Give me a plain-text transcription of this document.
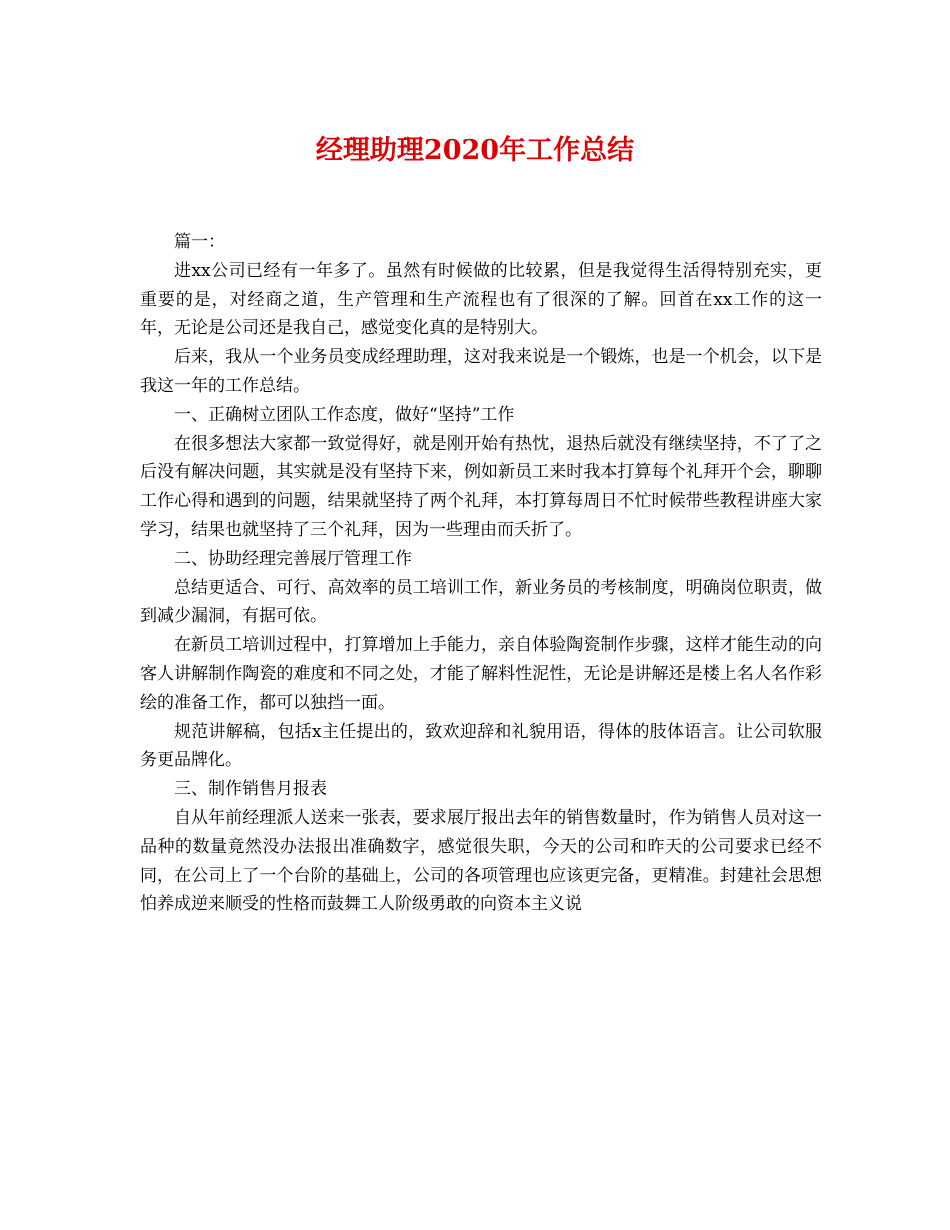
经理助理2020年工作总结

篇一：

进xx公司已经有一年多了。虽然有时候做的比较累，但是我觉得生活得特别充实，更重要的是，对经商之道，生产管理和生产流程也有了很深的了解。回首在xx工作的这一年，无论是公司还是我自己，感觉变化真的是特别大。

后来，我从一个业务员变成经理助理，这对我来说是一个锻炼，也是一个机会，以下是我这一年的工作总结。

一、正确树立团队工作态度，做好“坚持”工作

在很多想法大家都一致觉得好，就是刚开始有热忱，退热后就没有继续坚持，不了了之后没有解决问题，其实就是没有坚持下来，例如新员工来时我本打算每个礼拜开个会，聊聊工作心得和遇到的问题，结果就坚持了两个礼拜，本打算每周日不忙时候带些教程讲座大家学习，结果也就坚持了三个礼拜，因为一些理由而夭折了。

二、协助经理完善展厅管理工作

总结更适合、可行、高效率的员工培训工作，新业务员的考核制度，明确岗位职责，做到减少漏洞，有据可依。

在新员工培训过程中，打算增加上手能力，亲自体验陶瓷制作步骤，这样才能生动的向客人讲解制作陶瓷的难度和不同之处，才能了解料性泥性，无论是讲解还是楼上名人名作彩绘的准备工作，都可以独挡一面。

规范讲解稿，包括x主任提出的，致欢迎辞和礼貌用语，得体的肢体语言。让公司软服务更品牌化。

三、制作销售月报表

自从年前经理派人送来一张表，要求展厅报出去年的销售数量时，作为销售人员对这一品种的数量竟然没办法报出准确数字，感觉很失职，今天的公司和昨天的公司要求已经不同，在公司上了一个台阶的基础上，公司的各项管理也应该更完备，更精准。封建社会思想怕养成逆来顺受的性格而鼓舞工人阶级勇敢的向资本主义说
